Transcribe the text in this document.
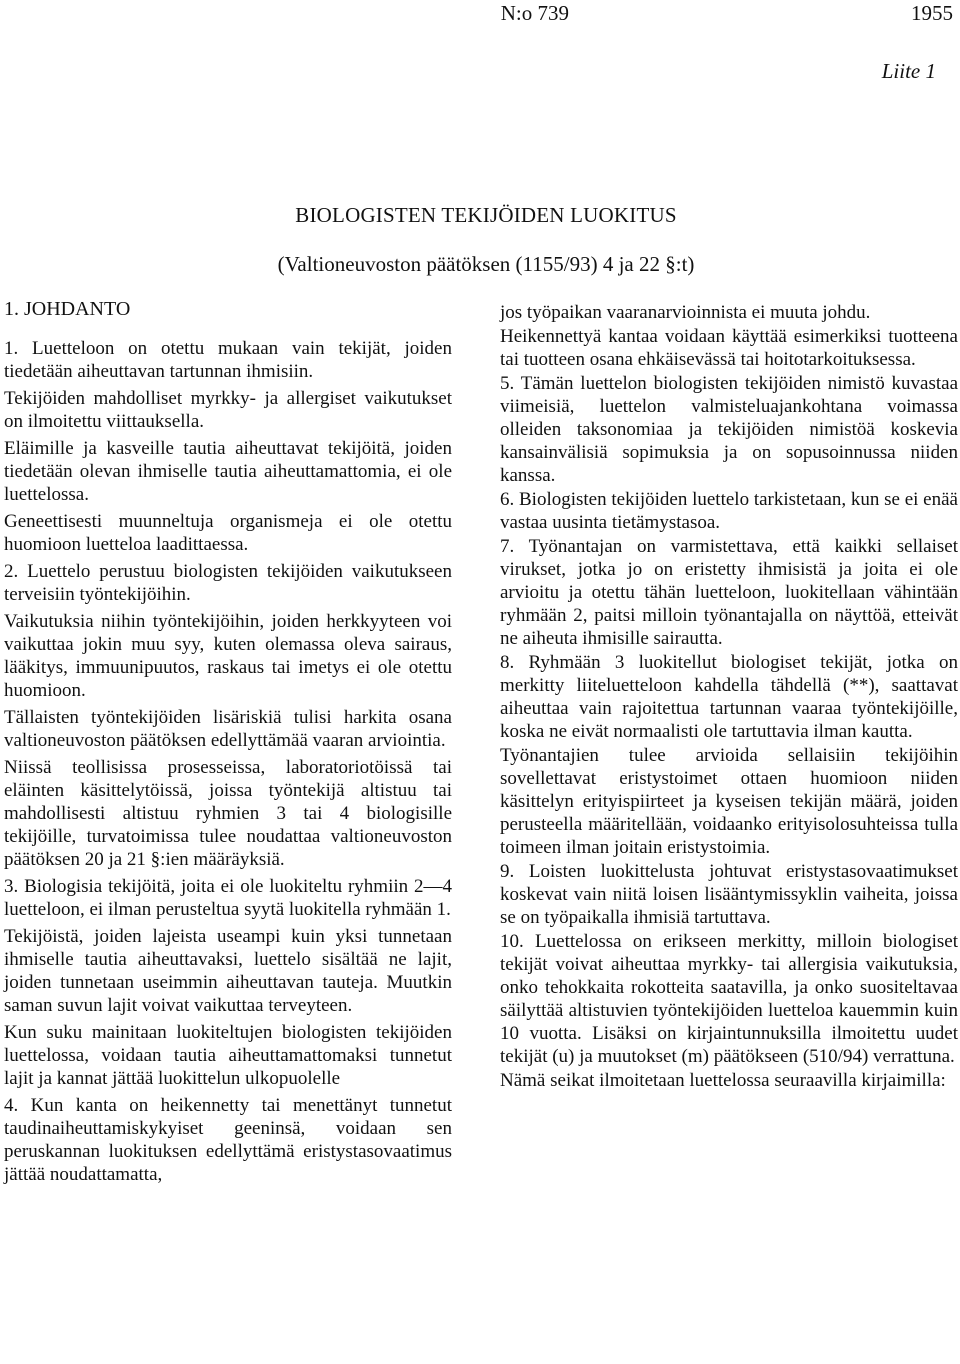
N:o 739	1955
Liite 1
BIOLOGISTEN TEKIJÖIDEN LUOKITUS
(Valtioneuvoston päätöksen (1155/93) 4 ja 22 §:t)
1. JOHDANTO

1. Luetteloon on otettu mukaan vain tekijät, joiden tiedetään aiheuttavan tartunnan ihmisiin.

Tekijöiden mahdolliset myrkky- ja allergiset vaikutukset on ilmoitettu viittauksella.

Eläimille ja kasveille tautia aiheuttavat tekijöitä, joiden tiedetään olevan ihmiselle tautia aiheuttamattomia, ei ole luettelossa.

Geneettisesti muunneltuja organismeja ei ole otettu huomioon luetteloa laadittaessa.

2. Luettelo perustuu biologisten tekijöiden vaikutukseen terveisiin työntekijöihin.

Vaikutuksia niihin työntekijöihin, joiden herkkyyteen voi vaikuttaa jokin muu syy, kuten olemassa oleva sairaus, lääkitys, immuunipuutos, raskaus tai imetys ei ole otettu huomioon.

Tällaisten työntekijöiden lisäriskiä tulisi harkita osana valtioneuvoston päätöksen edellyttämää vaaran arviointia.

Niissä teollisissa prosesseissa, laboratoriotöissä tai eläinten käsittelytöissä, joissa työntekijä altistuu tai mahdollisesti altistuu ryhmien 3 tai 4 biologisille tekijöille, turvatoimissa tulee noudattaa valtioneuvoston päätöksen 20 ja 21 §:ien määräyksiä.

3. Biologisia tekijöitä, joita ei ole luokiteltu ryhmiin 2—4 luetteloon, ei ilman perusteltua syytä luokitella ryhmään 1.

Tekijöistä, joiden lajeista useampi kuin yksi tunnetaan ihmiselle tautia aiheuttavaksi, luettelo sisältää ne lajit, joiden tunnetaan useimmin aiheuttavan tauteja. Muutkin saman suvun lajit voivat vaikuttaa terveyteen.

Kun suku mainitaan luokiteltujen biologisten tekijöiden luettelossa, voidaan tautia aiheuttamattomaksi tunnetut lajit ja kannat jättää luokittelun ulkopuolelle

4. Kun kanta on heikennetty tai menettänyt tunnetut taudinaiheuttamiskykyiset geeninsä, voidaan sen peruskannan luokituksen edellyttämä eristystasovaatimus jättää noudattamatta,

jos työpaikan vaaranarvioinnista ei muuta johdu.

Heikennettyä kantaa voidaan käyttää esimerkiksi tuotteena tai tuotteen osana ehkäisevässä tai hoitotarkoituksessa.

5. Tämän luettelon biologisten tekijöiden nimistö kuvastaa viimeisiä, luettelon valmisteluajankohtana voimassa olleiden taksonomiaa ja tekijöiden nimistöä koskevia kansainvälisiä sopimuksia ja on sopusoinnussa niiden kanssa.

6. Biologisten tekijöiden luettelo tarkistetaan, kun se ei enää vastaa uusinta tietämystasoa.

7. Työnantajan on varmistettava, että kaikki sellaiset virukset, jotka jo on eristetty ihmisistä ja joita ei ole arvioitu ja otettu tähän luetteloon, luokitellaan vähintään ryhmään 2, paitsi milloin työnantajalla on näyttöä, etteivät ne aiheuta ihmisille sairautta.

8. Ryhmään 3 luokitellut biologiset tekijät, jotka on merkitty liiteluetteloon kahdella tähdellä (**), saattavat aiheuttaa vain rajoitettua tartunnan vaaraa työntekijöille, koska ne eivät normaalisti ole tartuttavia ilman kautta.

Työnantajien tulee arvioida sellaisiin tekijöihin sovellettavat eristystoimet ottaen huomioon niiden käsittelyn erityispiirteet ja kyseisen tekijän määrä, joiden perusteella määritellään, voidaanko erityisolosuhteissa tulla toimeen ilman joitain eristystoimia.

9. Loisten luokittelusta johtuvat eristystasovaatimukset koskevat vain niitä loisen lisääntymissyklin vaiheita, joissa se on työpaikalla ihmisiä tartuttava.

10. Luettelossa on erikseen merkitty, milloin biologiset tekijät voivat aiheuttaa myrkky- tai allergisia vaikutuksia, onko tehokkaita rokotteita saatavilla, ja onko suositeltavaa säilyttää altistuvien työntekijöiden luetteloa kauemmin kuin 10 vuotta. Lisäksi on kirjaintunnuksilla ilmoitettu uudet tekijät (u) ja muutokset (m) päätökseen (510/94) verrattuna.

Nämä seikat ilmoitetaan luettelossa seuraavilla kirjaimilla:
